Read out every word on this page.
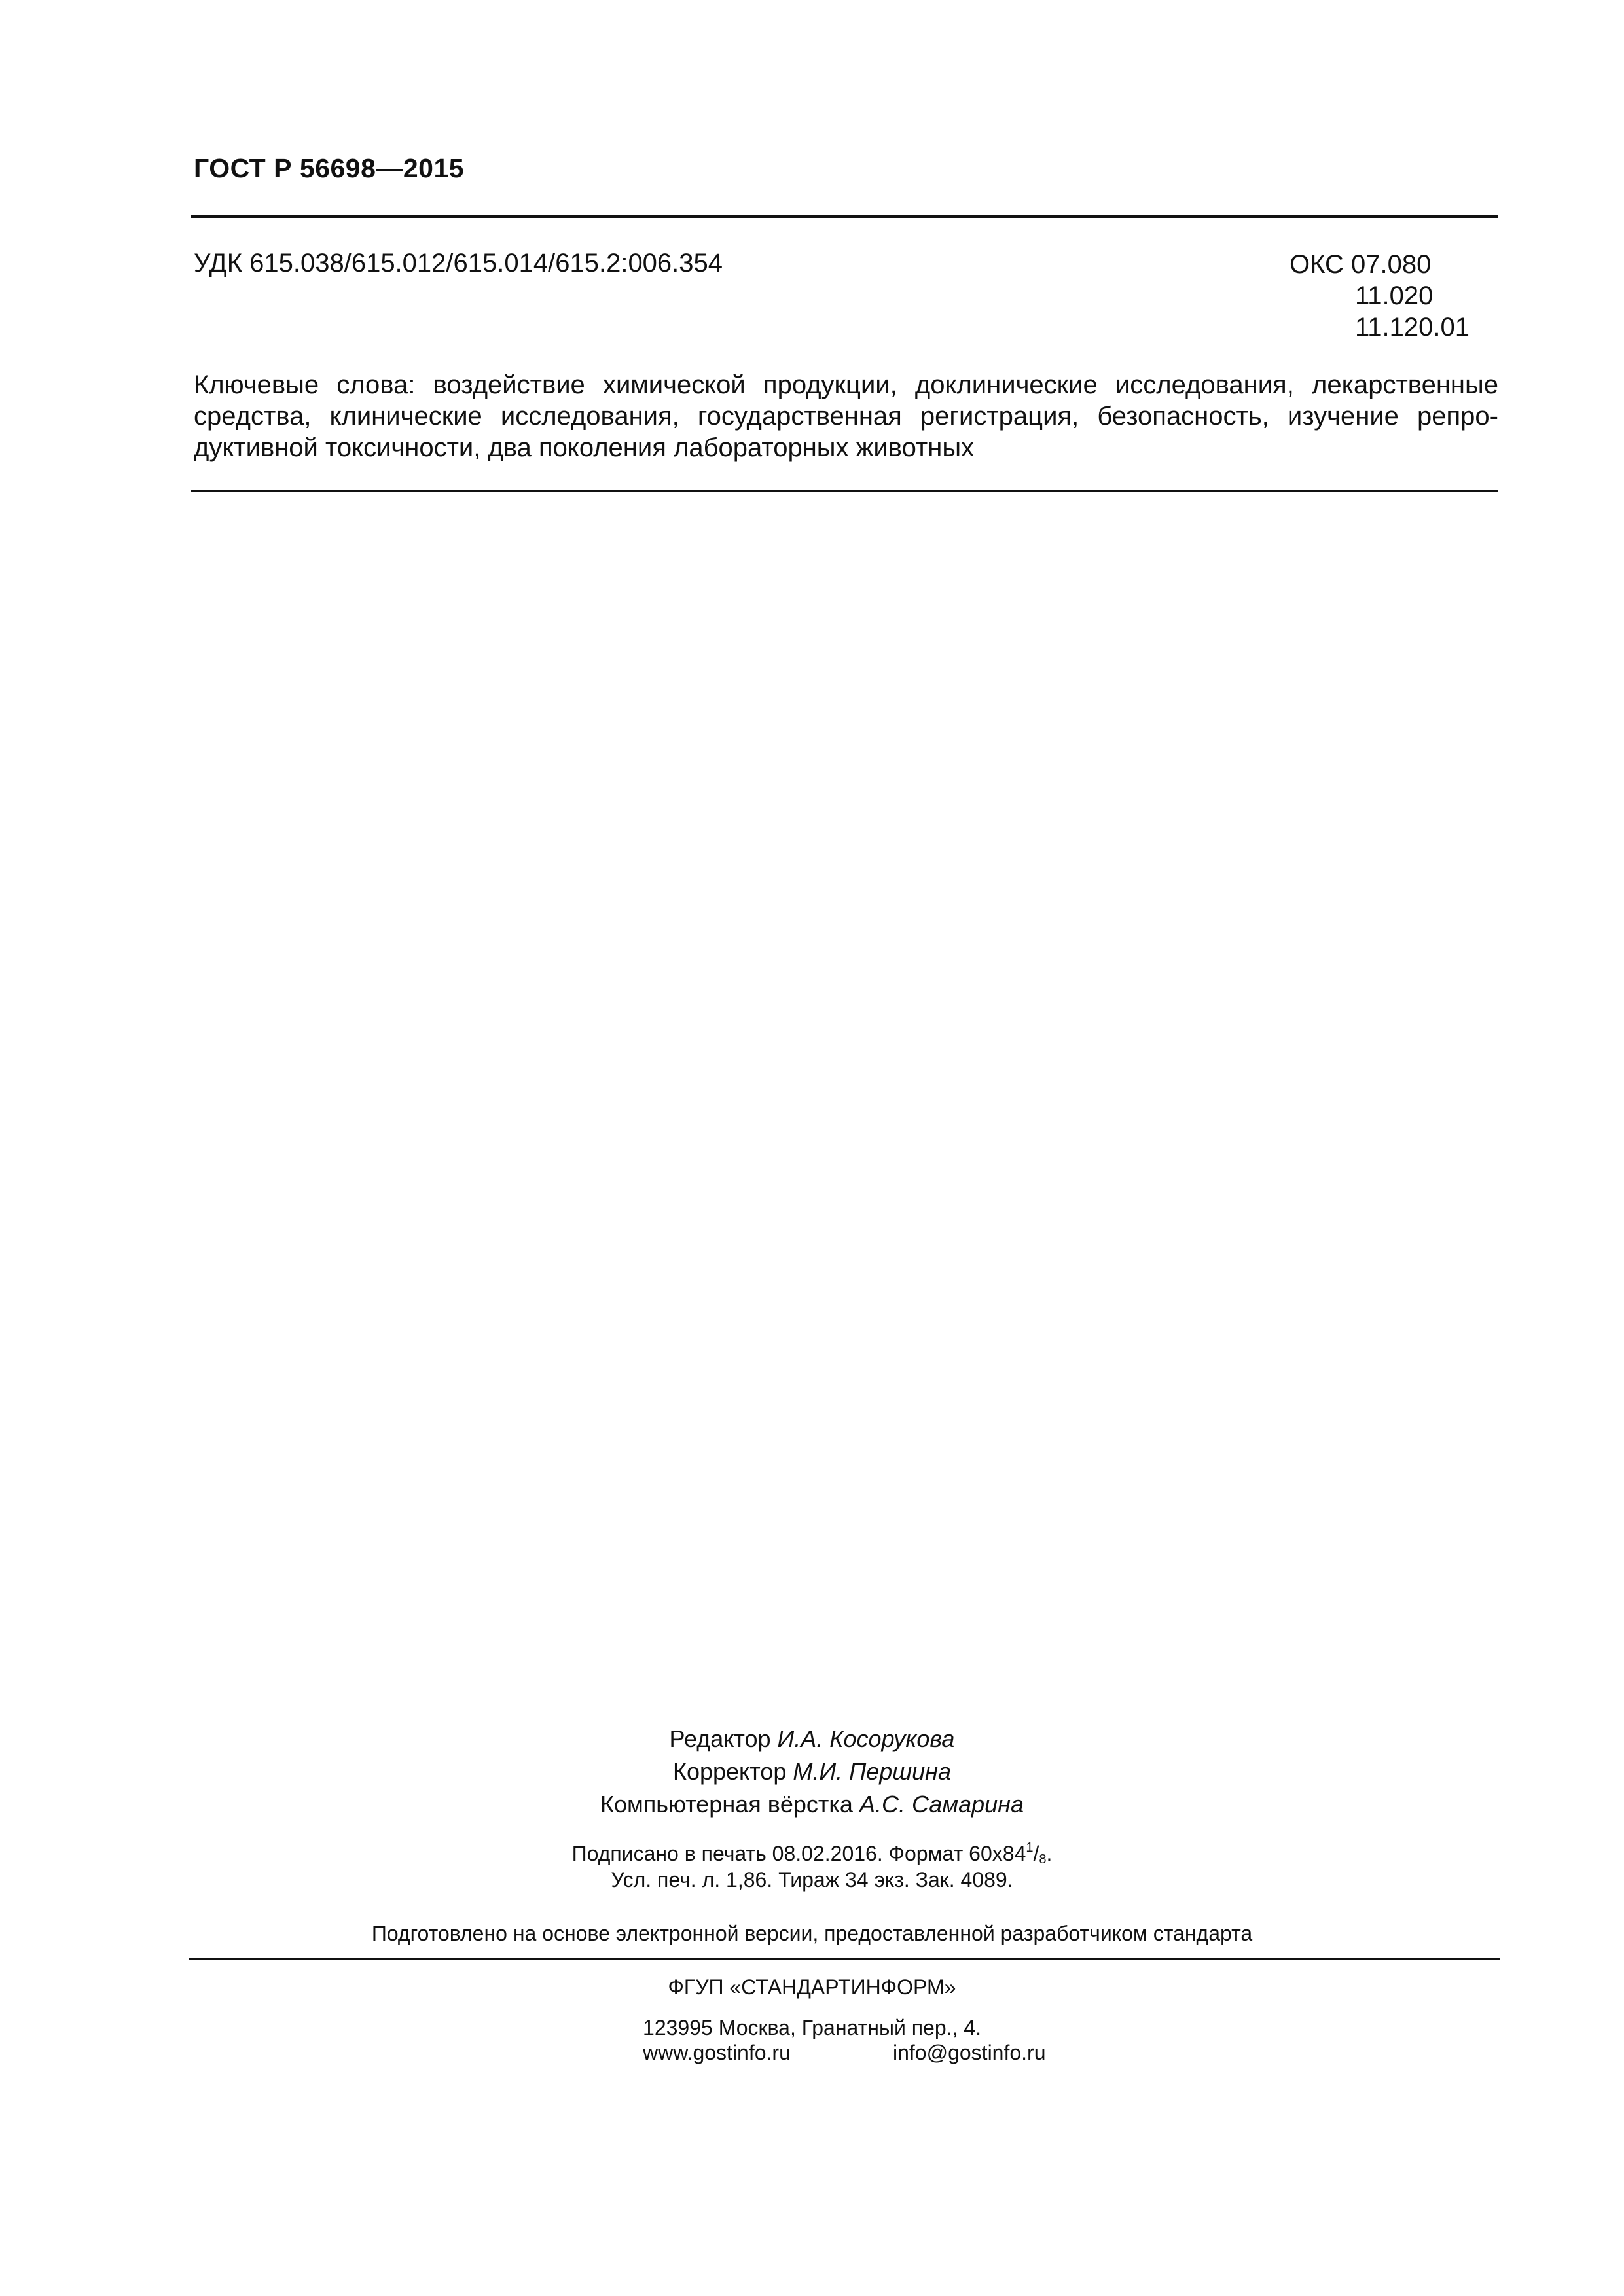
ГОСТ Р 56698—2015
УДК 615.038/615.012/615.014/615.2:006.354	ОКС 07.080
11.020
11.120.01
Ключевые слова: воздействие химической продукции, доклинические исследования, лекарственные средства, клинические исследования, государственная регистрация, безопасность, изучение репродуктивной токсичности, два поколения лабораторных животных
Редактор И.А. Косорукова
Корректор М.И. Першина
Компьютерная вёрстка А.С. Самарина
Подписано в печать 08.02.2016. Формат $60x84^1/_8$.
Усл. печ. л. 1,86. Тираж 34 экз. Зак. 4089.
Подготовлено на основе электронной версии, предоставленной разработчиком стандарта
ФГУП «СТАНДАРТИНФОРМ»
123995 Москва, Гранатный пер., 4.
www.gostinfo.ru	info@gostinfo.ru
